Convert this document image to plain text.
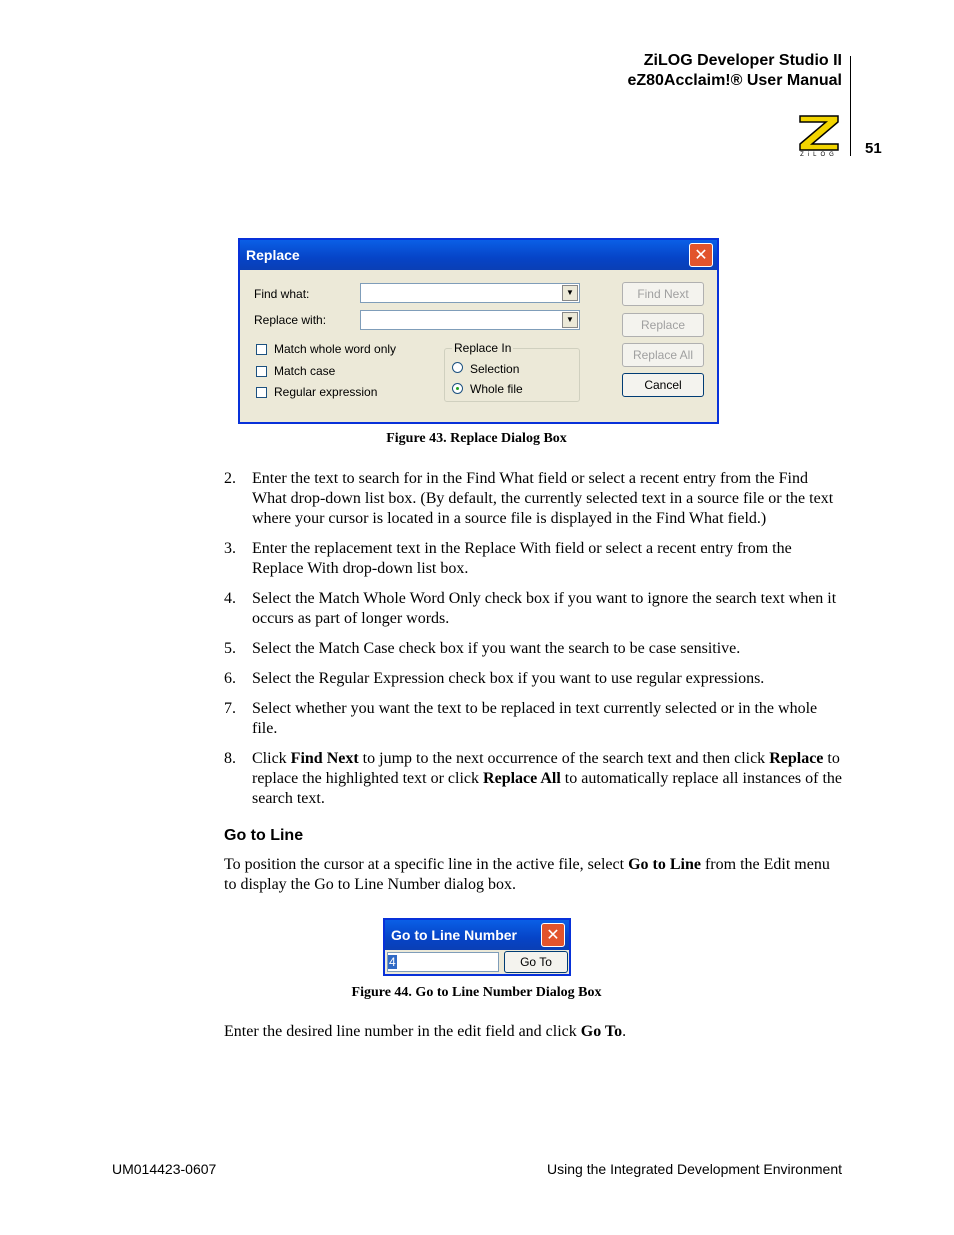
ZiLOG Developer Studio II
eZ80Acclaim!® User Manual
ZiLOG 51
Replace	✕
Find what:	▼
Replace with:	▼
Match whole word only
Match case
Regular expression
Replace In
Selection
Whole file
Find Next
Replace
Replace All
Cancel
Figure 43. Replace Dialog Box
2. Enter the text to search for in the Find What field or select a recent entry from the Find What drop-down list box. (By default, the currently selected text in a source file or the text where your cursor is located in a source file is displayed in the Find What field.)
3. Enter the replacement text in the Replace With field or select a recent entry from the Replace With drop-down list box.
4. Select the Match Whole Word Only check box if you want to ignore the search text when it occurs as part of longer words.
5. Select the Match Case check box if you want the search to be case sensitive.
6. Select the Regular Expression check box if you want to use regular expressions.
7. Select whether you want the text to be replaced in text currently selected or in the whole file.
8. Click Find Next to jump to the next occurrence of the search text and then click Replace to replace the highlighted text or click Replace All to automatically replace all instances of the search text.
Go to Line
To position the cursor at a specific line in the active file, select Go to Line from the Edit menu to display the Go to Line Number dialog box.
Go to Line Number	✕
4	Go To
Figure 44. Go to Line Number Dialog Box
Enter the desired line number in the edit field and click Go To.
UM014423-0607	Using the Integrated Development Environment
